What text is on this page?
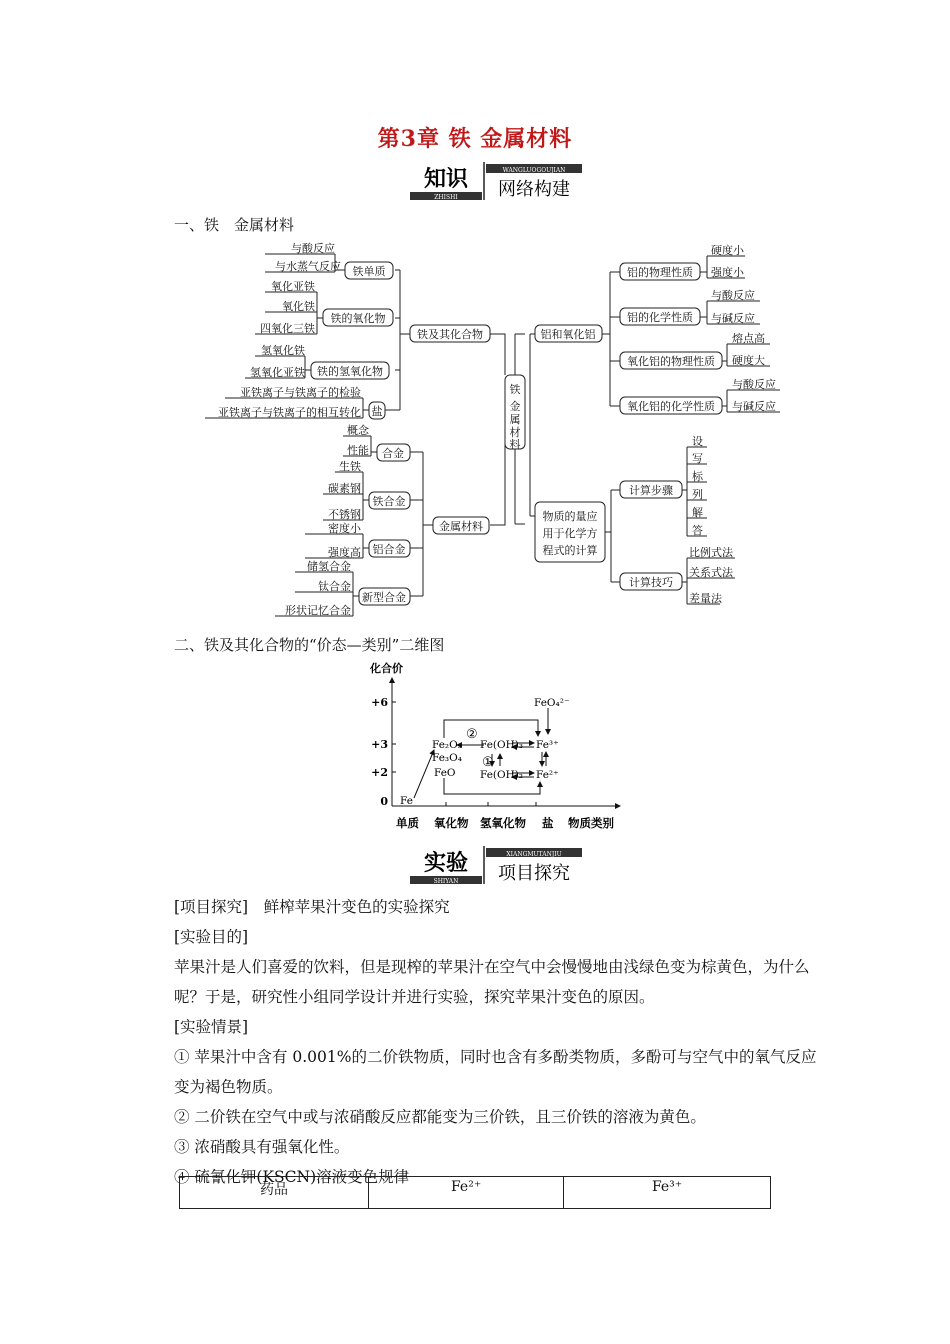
第3章 铁 金属材料
知识
ZHISHI
WANGLUOGOUJIAN
网络构建
一、铁　金属材料
铁单质
铁的氧化物
铁的氢氧化物
盐
铁及其化合物
铁
金
属
材
料
金属材料
合金
铁合金
铝合金
新型合金
铝和氧化铝
铝的物理性质
铝的化学性质
氧化铝的物理性质
氧化铝的化学性质
物质的量应
用于化学方
程式的计算
计算步骤
计算技巧
与酸反应
与水蒸气反应
氧化亚铁
氧化铁
四氧化三铁
氢氧化铁
氢氧化亚铁
亚铁离子与铁离子的检验
亚铁离子与铁离子的相互转化
概念
性能
生铁
碳素钢
不锈钢
密度小
强度高
储氢合金
钛合金
形状记忆合金
硬度小
强度小
与酸反应
与碱反应
熔点高
硬度大
与酸反应
与碱反应
设
写
标
列
解
答
比例式法
关系式法
差量法
二、铁及其化合物的“价态—类别”二维图
化合价
+6
+3
+2
0 Fe
Fe₂O₃
Fe₃O₄
FeO
Fe(OH)₃
Fe(OH)₂
Fe³⁺
Fe²⁺
FeO₄²⁻
②
①
单质 氧化物 氢氧化物 盐 物质类别
实验
SHIYAN
XIANGMUTANJIU
项目探究
[项目探究]　鲜榨苹果汁变色的实验探究
[实验目的]
苹果汁是人们喜爱的饮料，但是现榨的苹果汁在空气中会慢慢地由浅绿色变为棕黄色，为什么呢？于是，研究性小组同学设计并进行实验，探究苹果汁变色的原因。
[实验情景]
① 苹果汁中含有 0.001%的二价铁物质，同时也含有多酚类物质，多酚可与空气中的氧气反应变为褐色物质。
② 二价铁在空气中或与浓硝酸反应都能变为三价铁，且三价铁的溶液为黄色。
③ 浓硝酸具有强氧化性。
④ 硫氰化钾(KSCN)溶液变色规律
药品	Fe²⁺	Fe³⁺
